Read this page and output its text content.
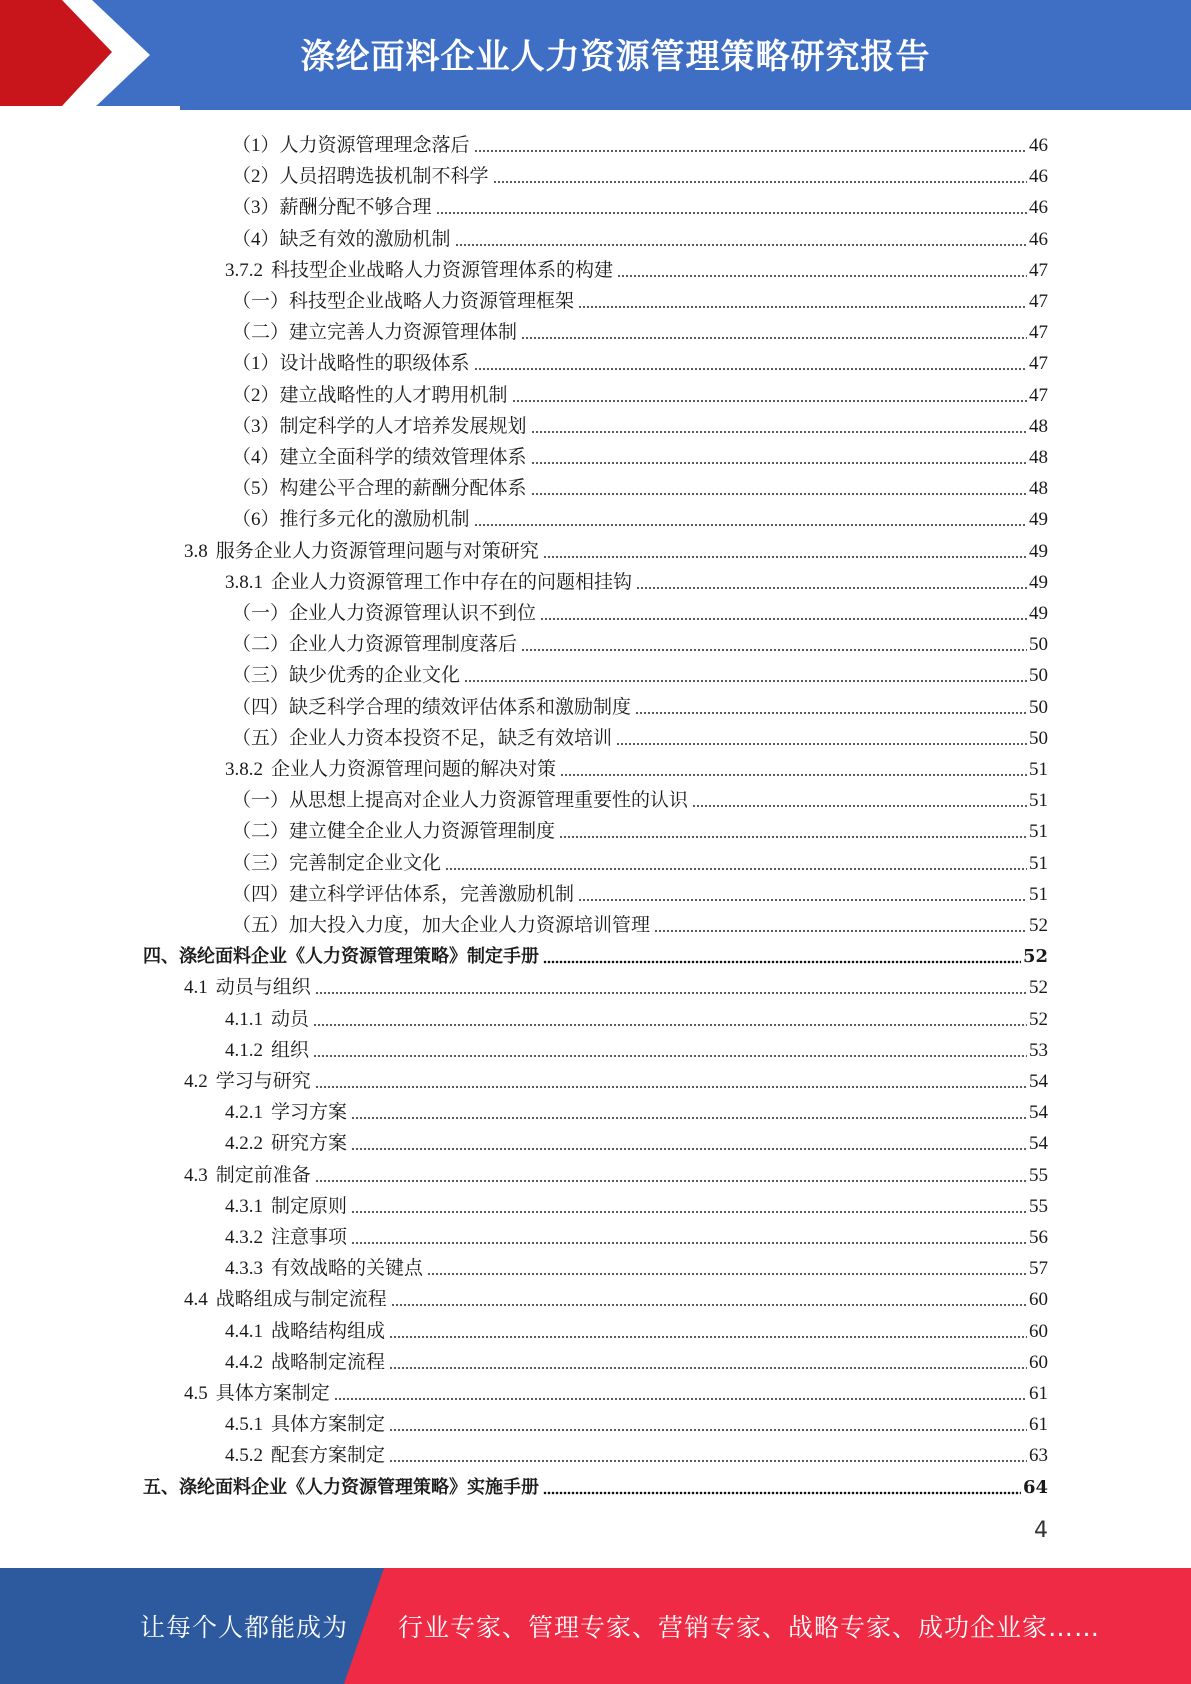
涤纶面料企业人力资源管理策略研究报告
（1）人力资源管理理念落后	46
（2）人员招聘选拔机制不科学	46
（3）薪酬分配不够合理	46
（4）缺乏有效的激励机制	46
3.7.2 科技型企业战略人力资源管理体系的构建	47
（一）科技型企业战略人力资源管理框架	47
（二）建立完善人力资源管理体制	47
（1）设计战略性的职级体系	47
（2）建立战略性的人才聘用机制	47
（3）制定科学的人才培养发展规划	48
（4）建立全面科学的绩效管理体系	48
（5）构建公平合理的薪酬分配体系	48
（6）推行多元化的激励机制	49
3.8 服务企业人力资源管理问题与对策研究	49
3.8.1 企业人力资源管理工作中存在的问题相挂钩	49
（一）企业人力资源管理认识不到位	49
（二）企业人力资源管理制度落后	50
（三）缺少优秀的企业文化	50
（四）缺乏科学合理的绩效评估体系和激励制度	50
（五）企业人力资本投资不足，缺乏有效培训	50
3.8.2 企业人力资源管理问题的解决对策	51
（一）从思想上提高对企业人力资源管理重要性的认识	51
（二）建立健全企业人力资源管理制度	51
（三）完善制定企业文化	51
（四）建立科学评估体系，完善激励机制	51
（五）加大投入力度，加大企业人力资源培训管理	52
四、涤纶面料企业《人力资源管理策略》制定手册	52
4.1 动员与组织	52
4.1.1 动员	52
4.1.2 组织	53
4.2 学习与研究	54
4.2.1 学习方案	54
4.2.2 研究方案	54
4.3 制定前准备	55
4.3.1 制定原则	55
4.3.2 注意事项	56
4.3.3 有效战略的关键点	57
4.4 战略组成与制定流程	60
4.4.1 战略结构组成	60
4.4.2 战略制定流程	60
4.5 具体方案制定	61
4.5.1 具体方案制定	61
4.5.2 配套方案制定	63
五、涤纶面料企业《人力资源管理策略》实施手册	64
4
让每个人都能成为 行业专家、管理专家、营销专家、战略专家、成功企业家……
